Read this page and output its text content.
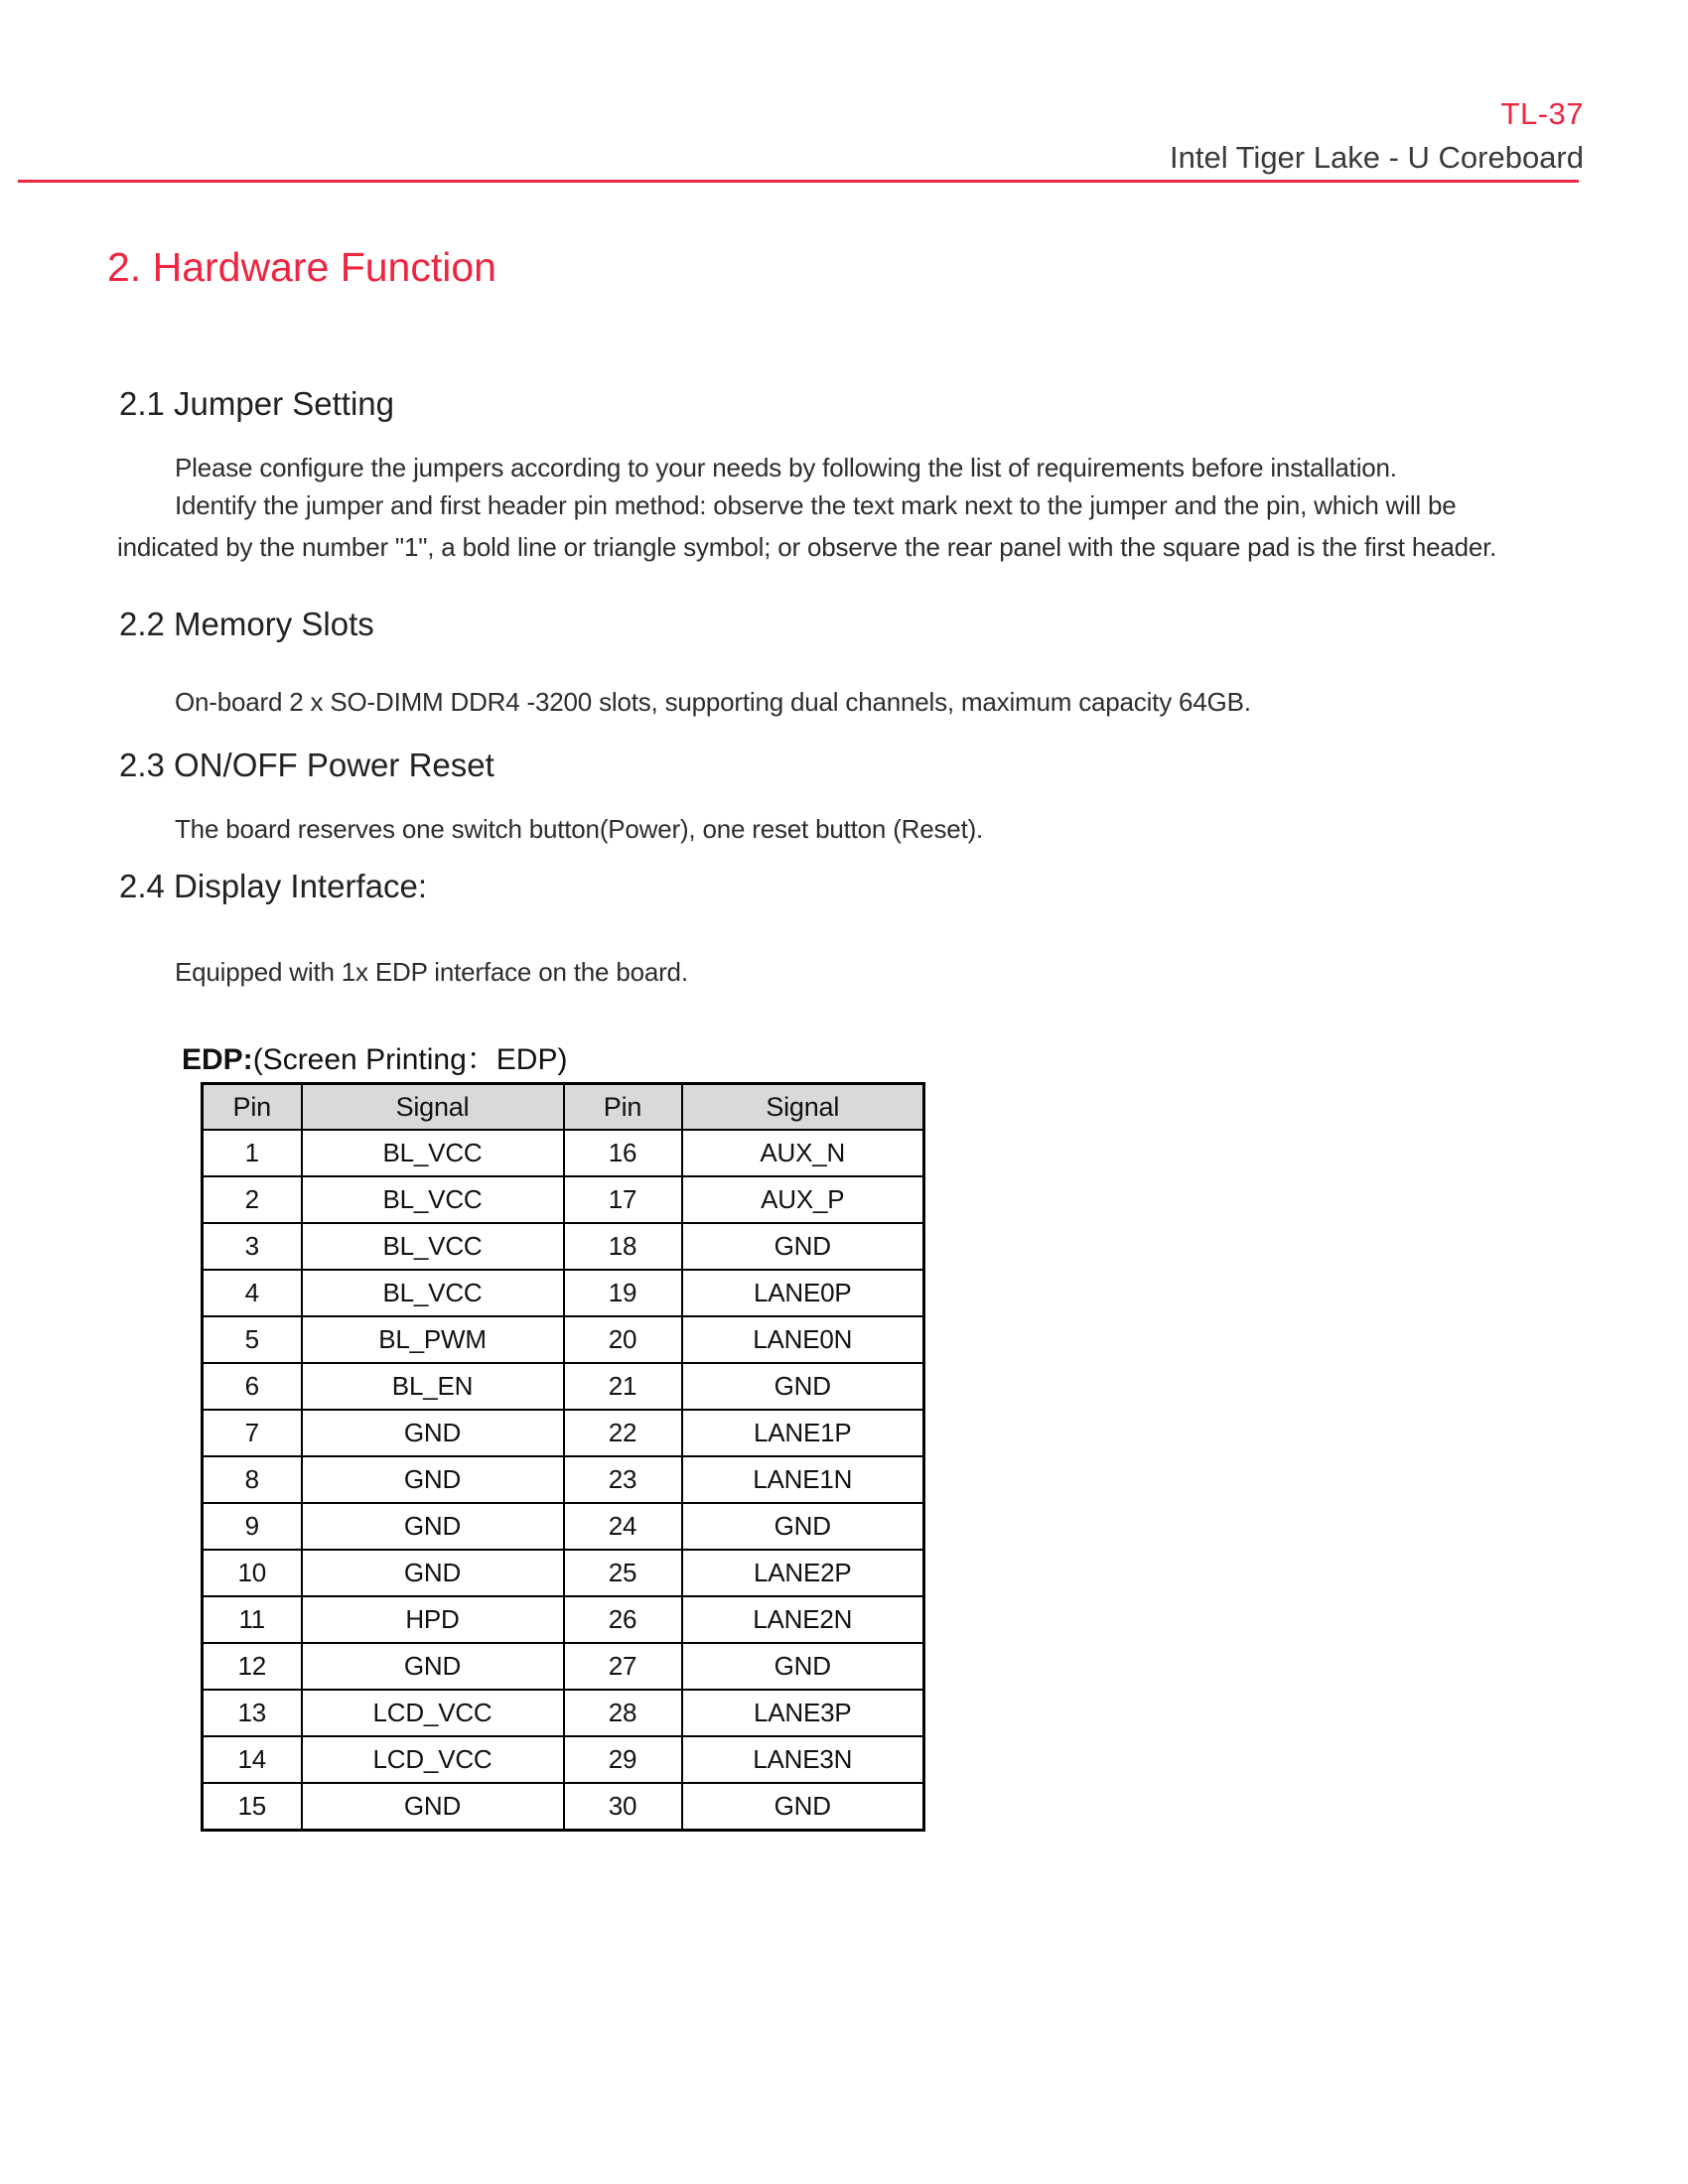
TL-37
Intel Tiger Lake - U Coreboard
2. Hardware Function
2.1 Jumper Setting
Please configure the jumpers according to your needs by following the list of requirements before installation.
Identify the jumper and first header pin method: observe the text mark next to the jumper and the pin, which will be
indicated by the number "1", a bold line or triangle symbol; or observe the rear panel with the square pad is the first header.
2.2 Memory Slots
On-board 2 x SO-DIMM DDR4 -3200 slots, supporting dual channels, maximum capacity 64GB.
2.3 ON/OFF Power Reset
The board reserves one switch button(Power), one reset button (Reset).
2.4 Display Interface:
Equipped with 1x EDP interface on the board.
EDP:(Screen Printing：EDP)
Pin	Signal	Pin	Signal
1	BL_VCC	16	AUX_N
2	BL_VCC	17	AUX_P
3	BL_VCC	18	GND
4	BL_VCC	19	LANE0P
5	BL_PWM	20	LANE0N
6	BL_EN	21	GND
7	GND	22	LANE1P
8	GND	23	LANE1N
9	GND	24	GND
10	GND	25	LANE2P
11	HPD	26	LANE2N
12	GND	27	GND
13	LCD_VCC	28	LANE3P
14	LCD_VCC	29	LANE3N
15	GND	30	GND
